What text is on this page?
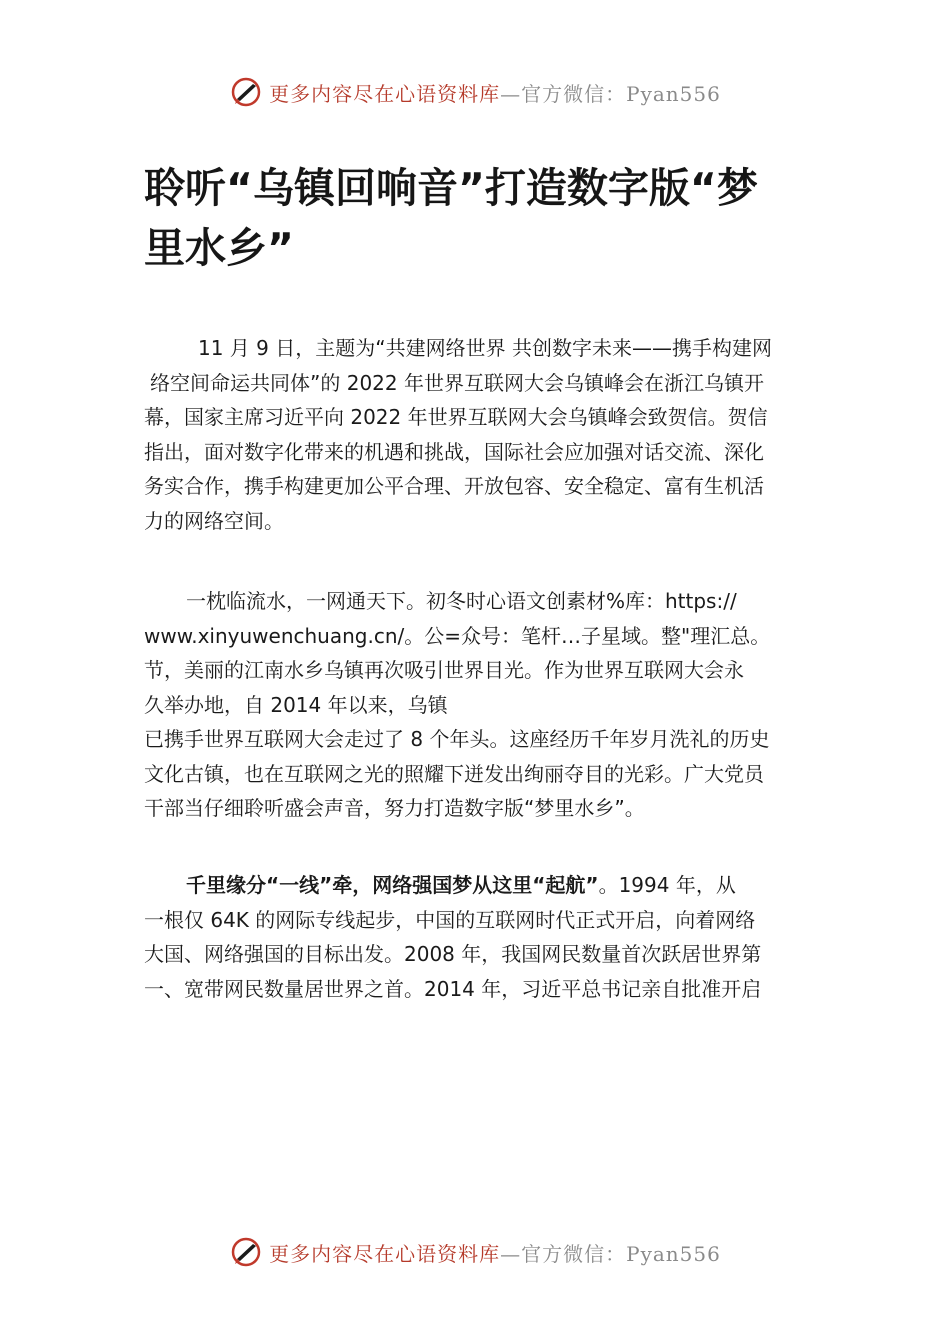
更多内容尽在心语资料库—官方微信：Pyan556
聆听“乌镇回响音”打造数字版“梦
里水乡”
11 月 9 日，主题为“共建网络世界 共创数字未来——携手构建网
络空间命运共同体”的 2022 年世界互联网大会乌镇峰会在浙江乌镇开
幕，国家主席习近平向 2022 年世界互联网大会乌镇峰会致贺信。贺信
指出，面对数字化带来的机遇和挑战，国际社会应加强对话交流、深化
务实合作，携手构建更加公平合理、开放包容、安全稳定、富有生机活
力的网络空间。
一枕临流水，一网通天下。初冬时心语文创素材%库：https://
www.xinyuwenchuang.cn/。公=众号：笔杆…子星域。整"理汇总。
节，美丽的江南水乡乌镇再次吸引世界目光。作为世界互联网大会永
久举办地，自 2014 年以来，乌镇
已携手世界互联网大会走过了 8 个年头。这座经历千年岁月洗礼的历史
文化古镇，也在互联网之光的照耀下迸发出绚丽夺目的光彩。广大党员
干部当仔细聆听盛会声音，努力打造数字版“梦里水乡”。
千里缘分“一线”牵，网络强国梦从这里“起航”。1994 年，从
一根仅 64K 的网际专线起步，中国的互联网时代正式开启，向着网络
大国、网络强国的目标出发。2008 年，我国网民数量首次跃居世界第
一、宽带网民数量居世界之首。2014 年，习近平总书记亲自批准开启
更多内容尽在心语资料库—官方微信：Pyan556
